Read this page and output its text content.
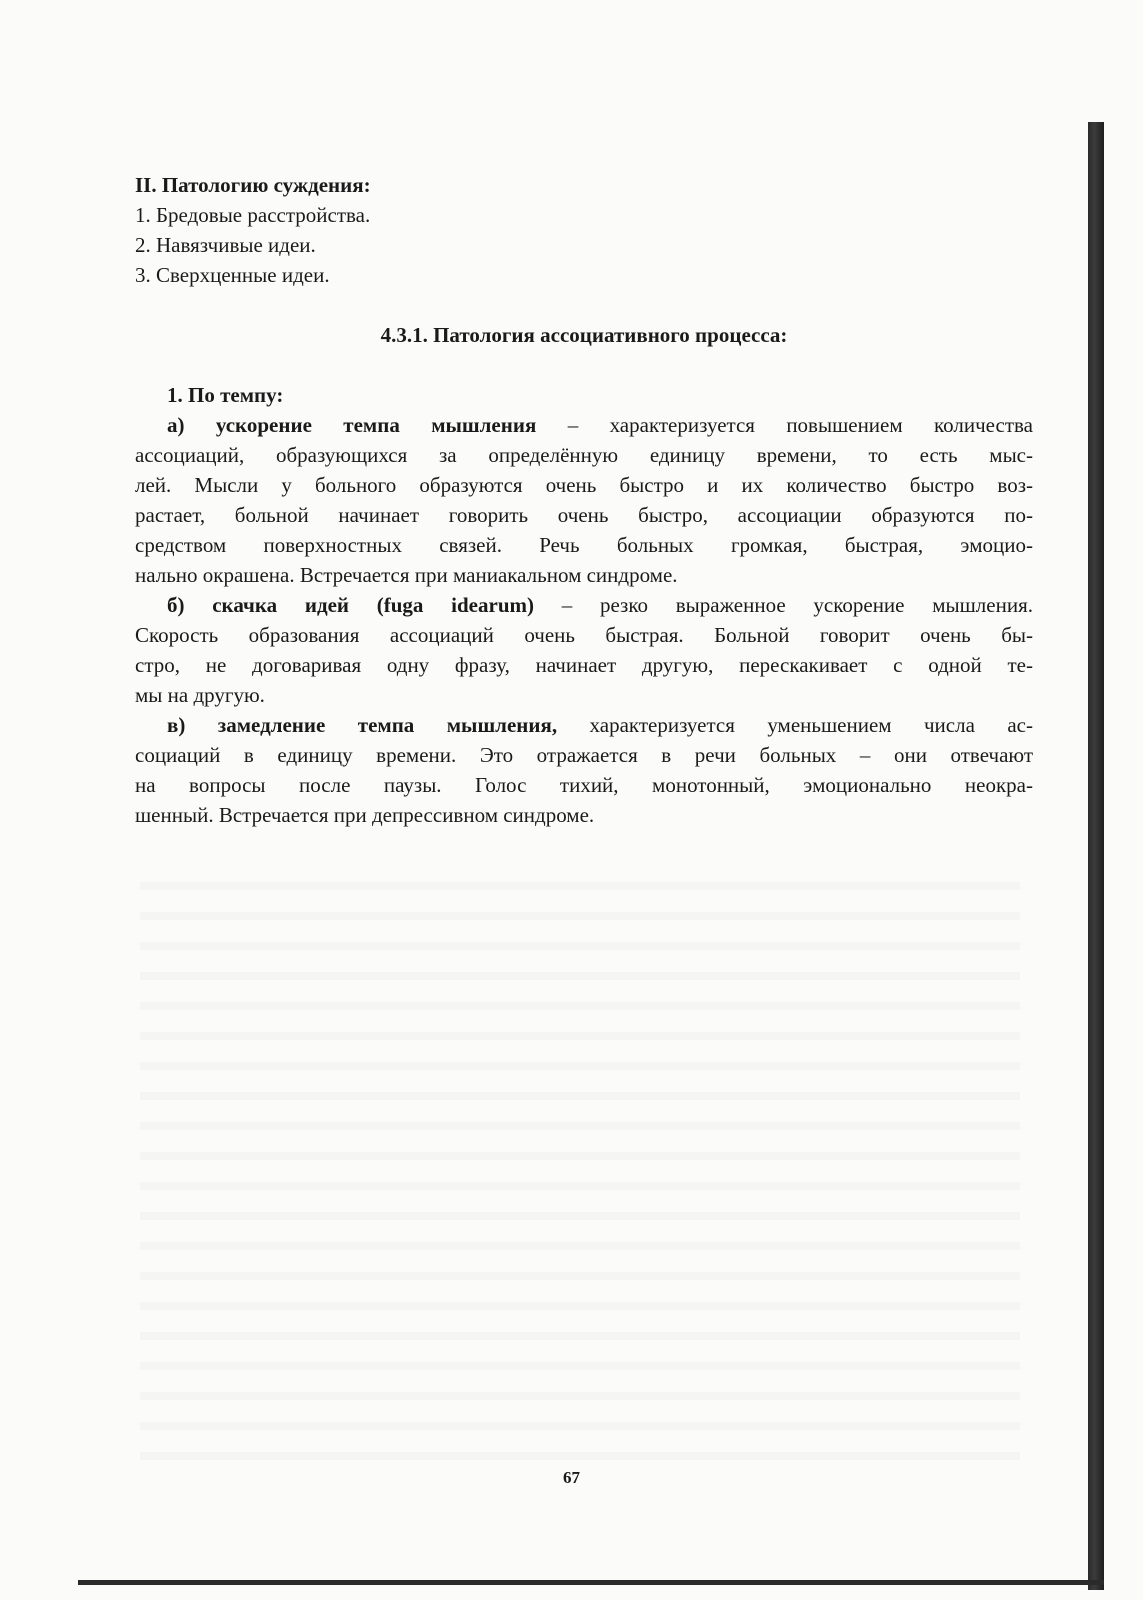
II. Патологию суждения:
1. Бредовые расстройства.
2. Навязчивые идеи.
3. Сверхценные идеи.
4.3.1. Патология ассоциативного процесса:
1. По темпу:
а) ускорение темпа мышления – характеризуется повышением количества
ассоциаций, образующихся за определённую единицу времени, то есть мыс-
лей. Мысли у больного образуются очень быстро и их количество быстро воз-
растает, больной начинает говорить очень быстро, ассоциации образуются по-
средством поверхностных связей. Речь больных громкая, быстрая, эмоцио-
нально окрашена. Встречается при маниакальном синдроме.
б) скачка идей (fuga idearum) – резко выраженное ускорение мышления.
Скорость образования ассоциаций очень быстрая. Больной говорит очень бы-
стро, не договаривая одну фразу, начинает другую, перескакивает с одной те-
мы на другую.
в) замедление темпа мышления, характеризуется уменьшением числа ас-
социаций в единицу времени. Это отражается в речи больных – они отвечают
на вопросы после паузы. Голос тихий, монотонный, эмоционально неокра-
шенный. Встречается при депрессивном синдроме.
67
